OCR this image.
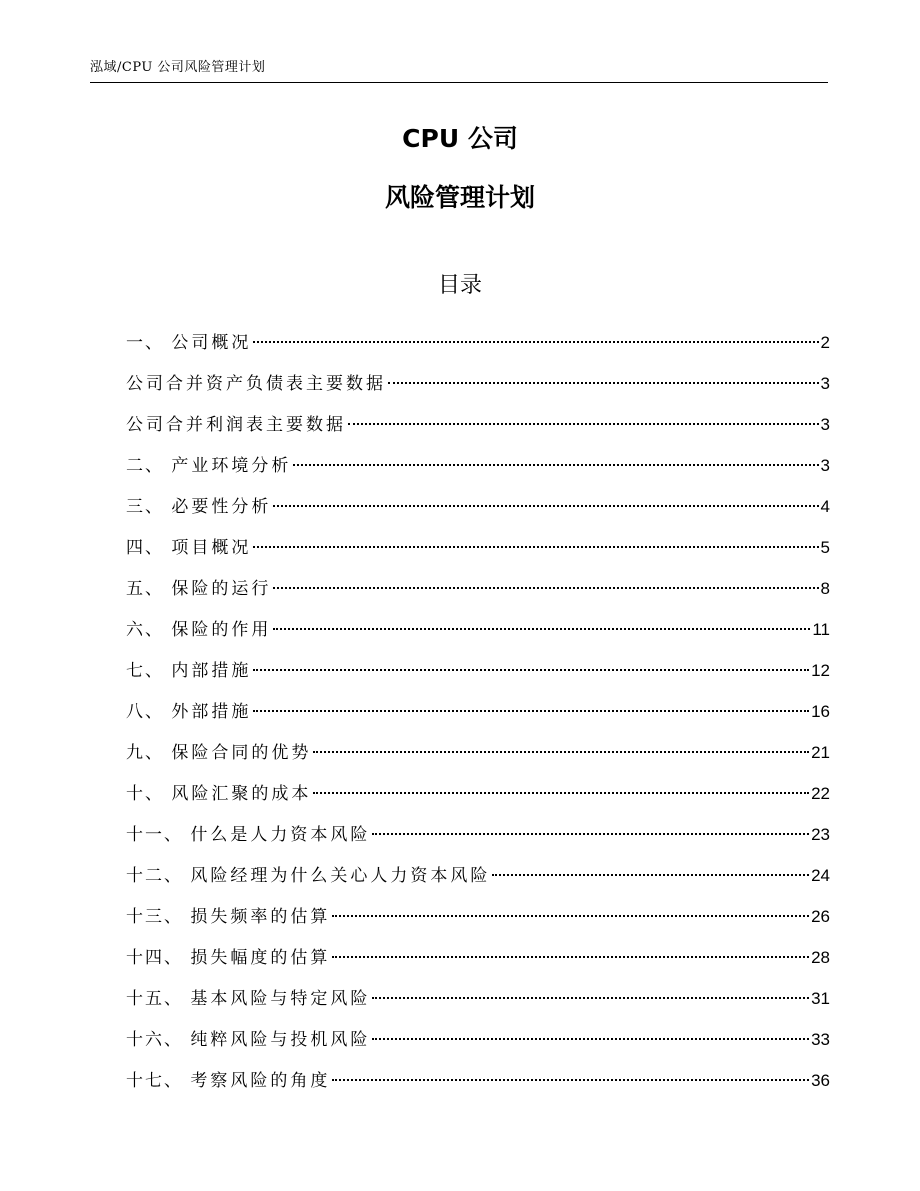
泓域/CPU 公司风险管理计划
CPU 公司
风险管理计划
目录
一、 公司概况	2
公司合并资产负债表主要数据	3
公司合并利润表主要数据	3
二、 产业环境分析	3
三、 必要性分析	4
四、 项目概况	5
五、 保险的运行	8
六、 保险的作用	11
七、 内部措施	12
八、 外部措施	16
九、 保险合同的优势	21
十、 风险汇聚的成本	22
十一、 什么是人力资本风险	23
十二、 风险经理为什么关心人力资本风险	24
十三、 损失频率的估算	26
十四、 损失幅度的估算	28
十五、 基本风险与特定风险	31
十六、 纯粹风险与投机风险	33
十七、 考察风险的角度	36
